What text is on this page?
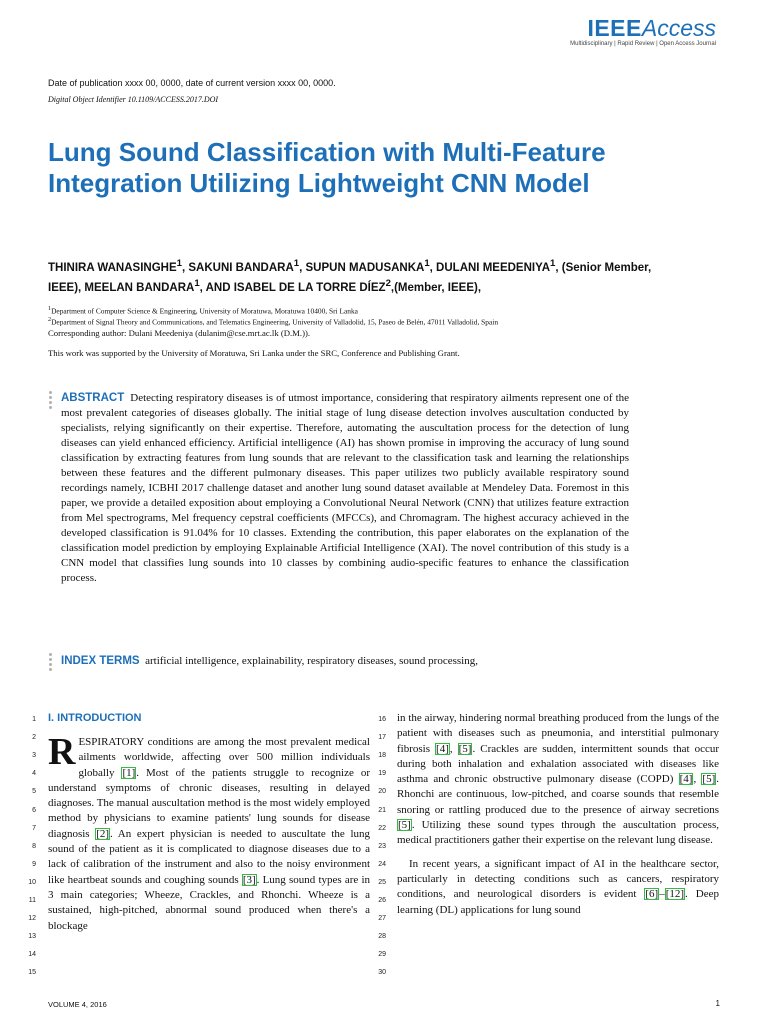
IEEEAccess
Multidisciplinary | Rapid Review | Open Access Journal
Date of publication xxxx 00, 0000, date of current version xxxx 00, 0000.
Digital Object Identifier 10.1109/ACCESS.2017.DOI
Lung Sound Classification with Multi-Feature Integration Utilizing Lightweight CNN Model
THINIRA WANASINGHE$^1$, SAKUNI BANDARA$^1$, SUPUN MADUSANKA$^1$, DULANI MEEDENIYA$^1$, (Senior Member, IEEE), MEELAN BANDARA$^1$, AND ISABEL DE LA TORRE DÍEZ$^2$,(Member, IEEE),

$^1$Department of Computer Science & Engineering, University of Moratuwa, Moratuwa 10400, Sri Lanka

$^2$Department of Signal Theory and Communications, and Telematics Engineering, University of Valladolid, 15, Paseo de Belén, 47011 Valladolid, Spain

Corresponding author: Dulani Meedeniya (dulanim@cse.mrt.ac.lk (D.M.)).
This work was supported by the University of Moratuwa, Sri Lanka under the SRC, Conference and Publishing Grant.

ABSTRACT Detecting respiratory diseases is of utmost importance, considering that respiratory ailments represent one of the most prevalent categories of diseases globally. The initial stage of lung disease detection involves auscultation conducted by specialists, relying significantly on their expertise. Therefore, automating the auscultation process for the detection of lung diseases can yield enhanced efficiency. Artificial intelligence (AI) has shown promise in improving the accuracy of lung sound classification by extracting features from lung sounds that are relevant to the classification task and learning the relationships between these features and the different pulmonary diseases. This paper utilizes two publicly available respiratory sound recordings namely, ICBHI 2017 challenge dataset and another lung sound dataset available at Mendeley Data. Foremost in this paper, we provide a detailed exposition about employing a Convolutional Neural Network (CNN) that utilizes feature extraction from Mel spectrograms, Mel frequency cepstral coefficients (MFCCs), and Chromagram. The highest accuracy achieved in the developed classification is 91.04% for 10 classes. Extending the contribution, this paper elaborates on the explanation of the classification model prediction by employing Explainable Artificial Intelligence (XAI). The novel contribution of this study is a CNN model that classifies lung sounds into 10 classes by combining audio-specific features to enhance the classification process.

INDEX TERMS artificial intelligence, explainability, respiratory diseases, sound processing,
1
2
3
4
5
6
7
8
9
10
11
12
13
14
15
16
17
18
19
20
21
22
23
24
25
26
27
28
29
30
I. INTRODUCTION

RESPIRATORY conditions are among the most prevalent medical ailments worldwide, affecting over 500 million individuals globally [1]. Most of the patients struggle to recognize or understand symptoms of chronic diseases, resulting in delayed diagnoses. The manual auscultation method is the most widely employed method by physicians to examine patients' lung sounds for disease diagnosis [2]. An expert physician is needed to auscultate the lung sound of the patient as it is complicated to diagnose diseases due to a lack of calibration of the instrument and also to the noisy environment like heartbeat sounds and coughing sounds [3]. Lung sound types are in 3 main categories; Wheeze, Crackles, and Rhonchi. Wheeze is a sustained, high-pitched, abnormal sound produced when there's a blockage

in the airway, hindering normal breathing produced from the lungs of the patient with diseases such as pneumonia, and interstitial pulmonary fibrosis [4], [5]. Crackles are sudden, intermittent sounds that occur during both inhalation and exhalation associated with diseases like asthma and chronic obstructive pulmonary disease (COPD) [4], [5]. Rhonchi are continuous, low-pitched, and coarse sounds that resemble snoring or rattling produced due to the presence of airway secretions [5]. Utilizing these sound types through the auscultation process, medical practitioners gather their expertise on the relevant lung disease.

In recent years, a significant impact of AI in the healthcare sector, particularly in detecting conditions such as cancers, respiratory conditions, and neurological disorders is evident [6]–[12]. Deep learning (DL) applications for lung sound

VOLUME 4, 2016	1
